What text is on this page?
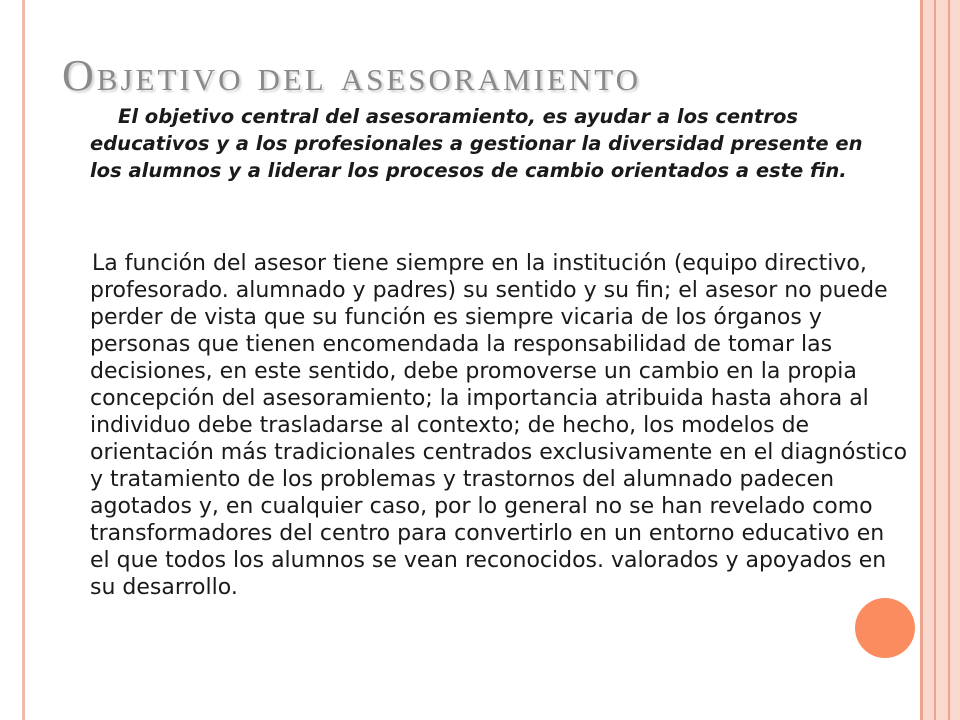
Objetivo del asesoramiento

El objetivo central del asesoramiento, es ayudar a los centros educativos y a los profesionales a gestionar la diversidad presente en los alumnos y a liderar los procesos de cambio orientados a este fin.

La función del asesor tiene siempre en la institución (equipo directivo, profesorado. alumnado y padres) su sentido y su fin; el asesor no puede perder de vista que su función es siempre vicaria de los órganos y personas que tienen encomendada la responsabilidad de tomar las decisiones, en este sentido, debe promoverse un cambio en la propia concepción del asesoramiento; la importancia atribuida hasta ahora al individuo debe trasladarse al contexto; de hecho, los modelos de orientación más tradicionales centrados exclusivamente en el diagnóstico y tratamiento de los problemas y trastornos del alumnado padecen agotados y, en cualquier caso, por lo general no se han revelado como transformadores del centro para convertirlo en un entorno educativo en el que todos los alumnos se vean reconocidos. valorados y apoyados en su desarrollo.
